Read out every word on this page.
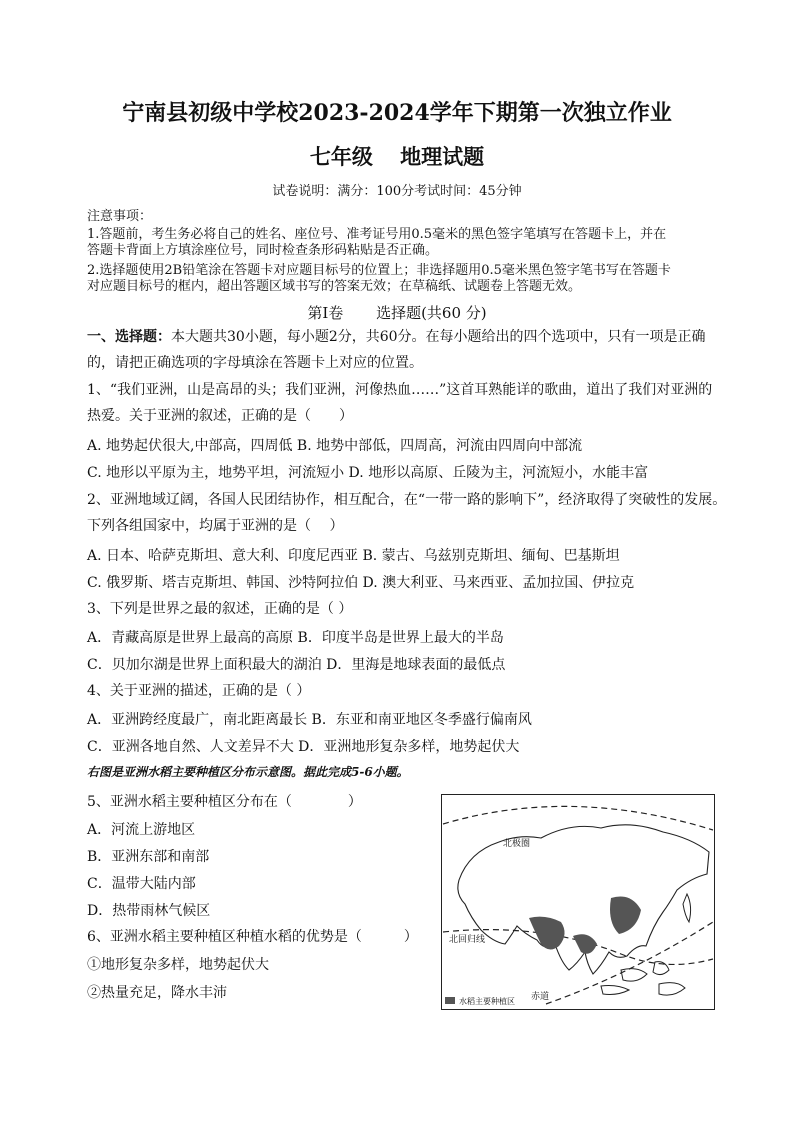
宁南县初级中学校2023-2024学年下期第一次独立作业
七年级 地理试题
试卷说明：满分：100分考试时间：45分钟
注意事项：
1.答题前，考生务必将自己的姓名、座位号、准考证号用0.5毫米的黑色签字笔填写在答题卡上，并在
答题卡背面上方填涂座位号，同时检查条形码粘贴是否正确。
2.选择题使用2B铅笔涂在答题卡对应题目标号的位置上；非选择题用0.5毫米黑色签字笔书写在答题卡
对应题目标号的框内，超出答题区域书写的答案无效；在草稿纸、试题卷上答题无效。
第Ⅰ卷 选择题(共60 分)
一、选择题：本大题共30小题，每小题2分，共60分。在每小题给出的四个选项中，只有一项是正确
的，请把正确选项的字母填涂在答题卡上对应的位置。
1、“我们亚洲，山是高昂的头；我们亚洲，河像热血……”这首耳熟能详的歌曲，道出了我们对亚洲的
热爱。关于亚洲的叙述，正确的是（　　）
A. 地势起伏很大,中部高，四周低 B. 地势中部低，四周高，河流由四周向中部流
C. 地形以平原为主，地势平坦，河流短小 D. 地形以高原、丘陵为主，河流短小，水能丰富
2、亚洲地域辽阔，各国人民团结协作，相互配合，在“一带一路的影响下”，经济取得了突破性的发展。
下列各组国家中，均属于亚洲的是（　 ）
A. 日本、哈萨克斯坦、意大利、印度尼西亚 B. 蒙古、乌兹别克斯坦、缅甸、巴基斯坦
C. 俄罗斯、塔吉克斯坦、韩国、沙特阿拉伯 D. 澳大利亚、马来西亚、孟加拉国、伊拉克
3、下列是世界之最的叙述，正确的是（ ）
A．青藏高原是世界上最高的高原 B．印度半岛是世界上最大的半岛
C．贝加尔湖是世界上面积最大的湖泊 D．里海是地球表面的最低点
4、关于亚洲的描述，正确的是（ ）
A．亚洲跨经度最广，南北距离最长 B．东亚和南亚地区冬季盛行偏南风
C．亚洲各地自然、人文差异不大 D．亚洲地形复杂多样，地势起伏大
右图是亚洲水稻主要种植区分布示意图。据此完成5-6小题。
5、亚洲水稻主要种植区分布在（　　　　）
A．河流上游地区
B．亚洲东部和南部
C．温带大陆内部
D．热带雨林气候区
6、亚洲水稻主要种植区种植水稻的优势是（　　　）
①地形复杂多样，地势起伏大
②热量充足，降水丰沛
北极圈
北回归线
赤道
水稻主要种植区
